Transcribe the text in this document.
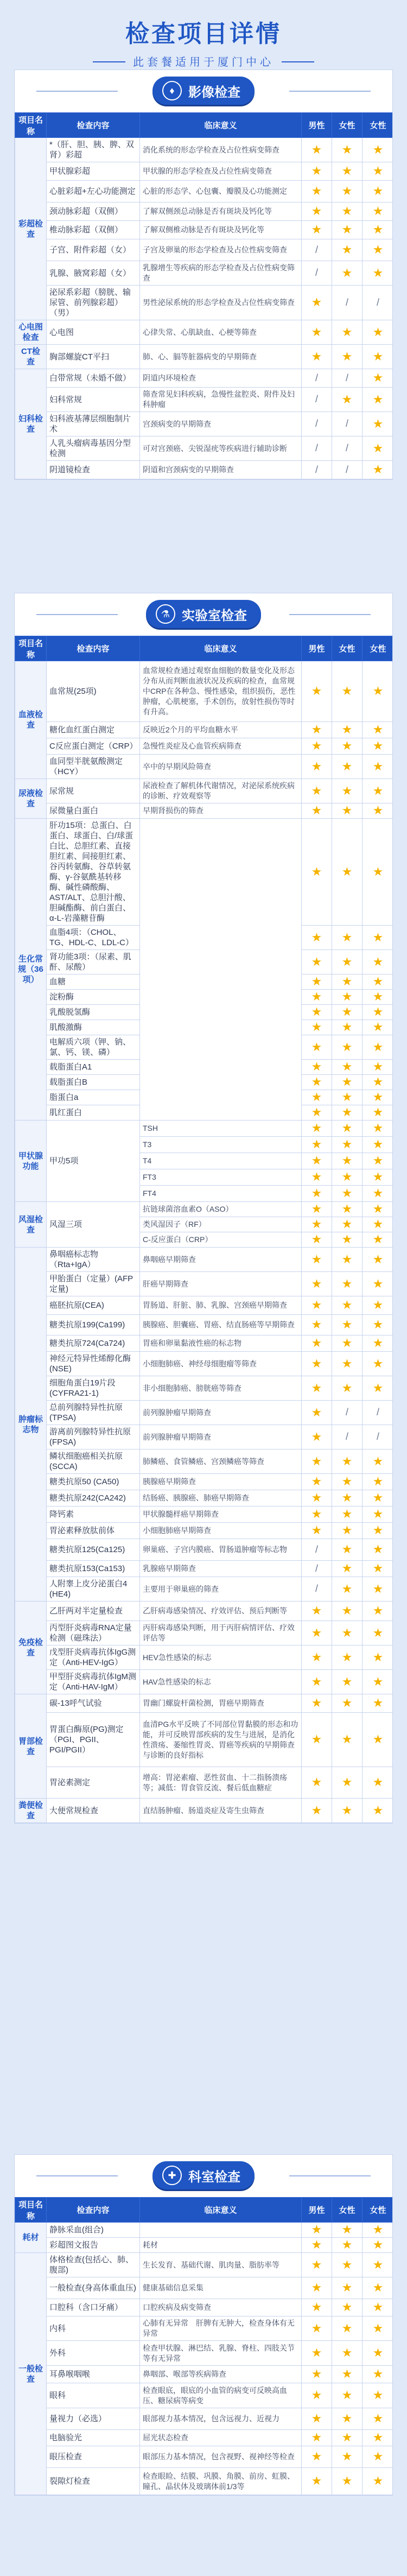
检查项目详情
此套餐适用于厦门中心
♦	影像检查
项目名称	检查内容	临床意义	男性	女性	女性
彩超检查	*（肝、胆、胰、脾、双肾）彩超	消化系统的形态学检查及占位性病变筛查	★	★	★
	甲状腺彩超	甲状腺的形态学检查及占位性病变筛查	★	★	★
	心脏彩超+左心功能测定	心脏的形态学、心包囊、瓣膜及心功能测定	★	★	★
	颈动脉彩超（双侧）	了解双侧颈总动脉是否有斑块及钙化等	★	★	★
	椎动脉彩超（双侧）	了解双侧椎动脉是否有斑块及钙化等	★	★	★
	子宫、附件彩超（女）	子宫及卵巢的形态学检查及占位性病变筛查	/	★	★
	乳腺、腋窝彩超（女）	乳腺增生等疾病的形态学检查及占位性病变筛查	/	★	★
	泌尿系彩超（膀胱、输尿管、前列腺彩超）（男）	男性泌尿系统的形态学检查及占位性病变筛查	★	/	/
心电图检查	心电图	心律失常、心肌缺血、心梗等筛查	★	★	★
CT检查	胸部螺旋CT平扫	肺、心、膈等脏器病变的早期筛查	★	★	★
妇科检查	白带常规（未婚不做）	阴道内环境检查	/	/	★
	妇科常规	筛查常见妇科疾病，急慢性盆腔炎、附件及妇科肿瘤	/	★	★
	妇科液基薄层细胞制片术	宫颈病变的早期筛查	/	/	★
	人乳头瘤病毒基因分型检测	可对宫颈癌、尖锐湿疣等疾病进行辅助诊断	/	/	★
	阴道镜检查	阴道和宫颈病变的早期筛查	/	/	★
⚗ 实验室检查
项目名称	检查内容	临床意义	男性	女性	女性
血液检查	血常规(25项)	血常规检查通过观察血细胞的数量变化及形态分布从而判断血液状况及疾病的检查，血常规中CRP在各种急、慢性感染，组织损伤，恶性肿瘤，心肌梗塞，手术创伤，放射性损伤等时有升高。	★	★	★
	糖化血红蛋白测定	反映近2个月的平均血糖水平	★	★	★
	C反应蛋白测定（CRP）	急慢性炎症及心血管疾病筛查	★	★	★
	血同型半胱氨酸测定（HCY）	卒中的早期风险筛查	★	★	★
尿液检查	尿常规	尿液检查了解机体代谢情况，对泌尿系统疾病的诊断、疗效观察等	★	★	★
	尿微量白蛋白	早期肾损伤的筛查	★	★	★
生化常规（36项）	肝功15项：总蛋白、白蛋白、球蛋白、白/球蛋白比、总胆红素、直接胆红素、间接胆红素、谷丙转氨酶、谷草转氨酶、γ-谷氨酰基转移酶、碱性磷酸酶、AST/ALT、总胆汁酸、胆碱酯酶、前白蛋白、α-L-岩藻糖苷酶		★	★	★
	血脂4项：（CHOL、TG、HDL-C、LDL-C）		★	★	★
	肾功能3项：（尿素、肌酐、尿酸）		★	★	★
	血糖		★	★	★
	淀粉酶		★	★	★
	乳酸脱氢酶		★	★	★
	肌酸激酶		★	★	★
	电解质六项（钾、钠、氯、钙、镁、磷）		★	★	★
	载脂蛋白A1		★	★	★
	载脂蛋白B		★	★	★
	脂蛋白a		★	★	★
	肌红蛋白		★	★	★
甲状腺功能	甲功5项	TSH	★	★	★
		T3	★	★	★
		T4	★	★	★
		FT3	★	★	★
		FT4	★	★	★
风湿检查	风湿三项	抗链球菌溶血素O（ASO）	★	★	★
		类风湿因子（RF）	★	★	★
		C-反应蛋白（CRP）	★	★	★
肿瘤标志物	鼻咽癌标志物（Rta+IgA）	鼻咽癌早期筛查	★	★	★
	甲胎蛋白（定量）(AFP定量)	肝癌早期筛查	★	★	★
	癌胚抗原(CEA)	胃肠道、肝脏、肺、乳腺、宫颈癌早期筛查	★	★	★
	糖类抗原199(Ca199)	胰腺癌、胆囊癌、胃癌、结直肠癌等早期筛查	★	★	★
	糖类抗原724(Ca724)	胃癌和卵巢黏液性癌的标志物	★	★	★
	神经元特异性烯醇化酶(NSE)	小细胞肺癌、神经母细胞瘤等筛查	★	★	★
	细胞角蛋白19片段(CYFRA21-1)	非小细胞肺癌、膀胱癌等筛查	★	★	★
	总前列腺特异性抗原(TPSA)	前列腺肿瘤早期筛查	★	/	/
	游离前列腺特异性抗原(FPSA)	前列腺肿瘤早期筛查	★	/	/
	鳞状细胞癌相关抗原(SCCA)	肺鳞癌、食管鳞癌、宫颈鳞癌等筛查	★	★	★
	糖类抗原50 (CA50)	胰腺癌早期筛查	★	★	★
	糖类抗原242(CA242)	结肠癌、胰腺癌、肺癌早期筛查	★	★	★
	降钙素	甲状腺髓样癌早期筛查	★	★	★
	胃泌素释放肽前体	小细胞肺癌早期筛查	★	★	★
	糖类抗原125(Ca125)	卵巢癌、子宫内膜癌、胃肠道肿瘤等标志物	/	★	★
	糖类抗原153(Ca153)	乳腺癌早期筛查	/	★	★
	人附睾上皮分泌蛋白4 (HE4)	主要用于卵巢癌的筛查	/	★	★
免疫检查	乙肝两对半定量检查	乙肝病毒感染情况、疗效评估、预后判断等	★	★	★
	丙型肝炎病毒RNA定量检测（磁珠法）	丙肝病毒感染判断，用于丙肝病情评估、疗效评估等	★	★	★
	戊型肝炎病毒抗体IgG测定（Anti-HEV-IgG）	HEV急性感染的标志	★	★	★
	甲型肝炎病毒抗体IgM测定（Anti-HAV-IgM）	HAV急性感染的标志	★	★	★
胃部检查	碳-13呼气试验	胃幽门螺旋杆菌检测，胃癌早期筛查	★	★	★
	胃蛋白酶原(PG)测定（PGI、PGII、PGI/PGII）	血清PG水平反映了不同部位胃黏膜的形态和功能，并可反映胃部疾病的发生与进展，是消化性溃疡、萎缩性胃炎、胃癌等疾病的早期筛查与诊断的良好指标	★	★	★
	胃泌素测定	增高：胃泌素瘤、恶性贫血、十二指肠溃疡等；减低：胃食管反流、餐后低血糖症	★	★	★
粪便检查	大便常规检查	直结肠肿瘤、肠道炎症及寄生虫筛查	★	★	★
✚ 科室检查
项目名称	检查内容	临床意义	男性	女性	女性
耗材	静脉采血(组合)		★	★	★
	彩超图文报告	耗材	★	★	★
一般检查	体格检查(包括心、肺、腹部)	生长发育、基础代谢、肌肉量、脂肪率等	★	★	★
	一般检查(身高体重血压)	健康基础信息采集	★	★	★
	口腔科（含口牙痛）	口腔疾病及病变筛查	★	★	★
	内科	心肺有无异常　肝脾有无肿大，检查身体有无异常	★	★	★
	外科	检查甲状腺、淋巴结、乳腺、脊柱、四肢关节等有无异常	★	★	★
	耳鼻喉咽喉	鼻咽部、喉部等疾病筛查	★	★	★
	眼科	检查眼底，眼底的小血管的病变可反映高血压、糖尿病等病变	★	★	★
	量视力（必选）	眼部视力基本情况，包含远视力、近视力	★	★	★
	电脑验光	屈光状态检查	★	★	★
	眼压检查	眼部压力基本情况，包含视野、视神经等检查	★	★	★
	裂隙灯检查	检查眼睑、结膜、巩膜、角膜、前房、虹膜、瞳孔、晶状体及玻璃体前1/3等	★	★	★
